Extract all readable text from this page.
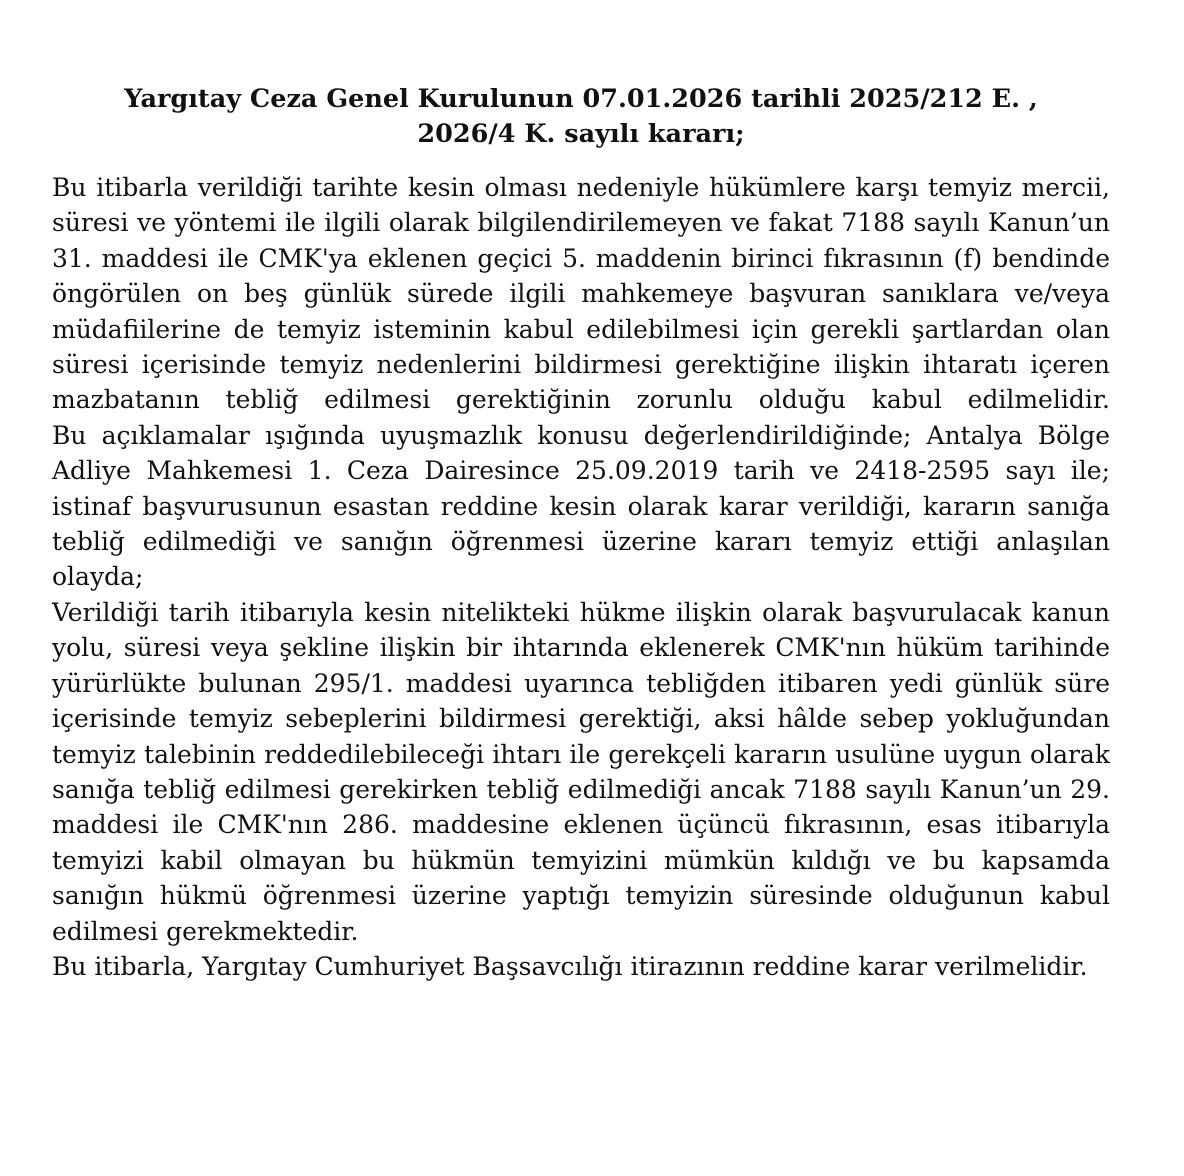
Yargıtay Ceza Genel Kurulunun 07.01.2026 tarihli 2025/212 E. ,
2026/4 K. sayılı kararı;

Bu itibarla verildiği tarihte kesin olması nedeniyle hükümlere karşı temyiz mercii, süresi ve yöntemi ile ilgili olarak bilgilendirilemeyen ve fakat 7188 sayılı Kanun’un 31. maddesi ile CMK'ya eklenen geçici 5. maddenin birinci fıkrasının (f) bendinde öngörülen on beş günlük sürede ilgili mahkemeye başvuran sanıklara ve/veya müdafiilerine de temyiz isteminin kabul edilebilmesi için gerekli şartlardan olan süresi içerisinde temyiz nedenlerini bildirmesi gerektiğine ilişkin ihtaratı içeren mazbatanın tebliğ edilmesi gerektiğinin zorunlu olduğu kabul edilmelidir.

Bu açıklamalar ışığında uyuşmazlık konusu değerlendirildiğinde; Antalya Bölge Adliye Mahkemesi 1. Ceza Dairesince 25.09.2019 tarih ve 2418-2595 sayı ile; istinaf başvurusunun esastan reddine kesin olarak karar verildiği, kararın sanığa tebliğ edilmediği ve sanığın öğrenmesi üzerine kararı temyiz ettiği anlaşılan olayda;

Verildiği tarih itibarıyla kesin nitelikteki hükme ilişkin olarak başvurulacak kanun yolu, süresi veya şekline ilişkin bir ihtarında eklenerek CMK'nın hüküm tarihinde yürürlükte bulunan 295/1. maddesi uyarınca tebliğden itibaren yedi günlük süre içerisinde temyiz sebeplerini bildirmesi gerektiği, aksi hâlde sebep yokluğundan temyiz talebinin reddedilebileceği ihtarı ile gerekçeli kararın usulüne uygun olarak sanığa tebliğ edilmesi gerekirken tebliğ edilmediği ancak 7188 sayılı Kanun’un 29. maddesi ile CMK'nın 286. maddesine eklenen üçüncü fıkrasının, esas itibarıyla temyizi kabil olmayan bu hükmün temyizini mümkün kıldığı ve bu kapsamda sanığın hükmü öğrenmesi üzerine yaptığı temyizin süresinde olduğunun kabul edilmesi gerekmektedir.

Bu itibarla, Yargıtay Cumhuriyet Başsavcılığı itirazının reddine karar verilmelidir.
